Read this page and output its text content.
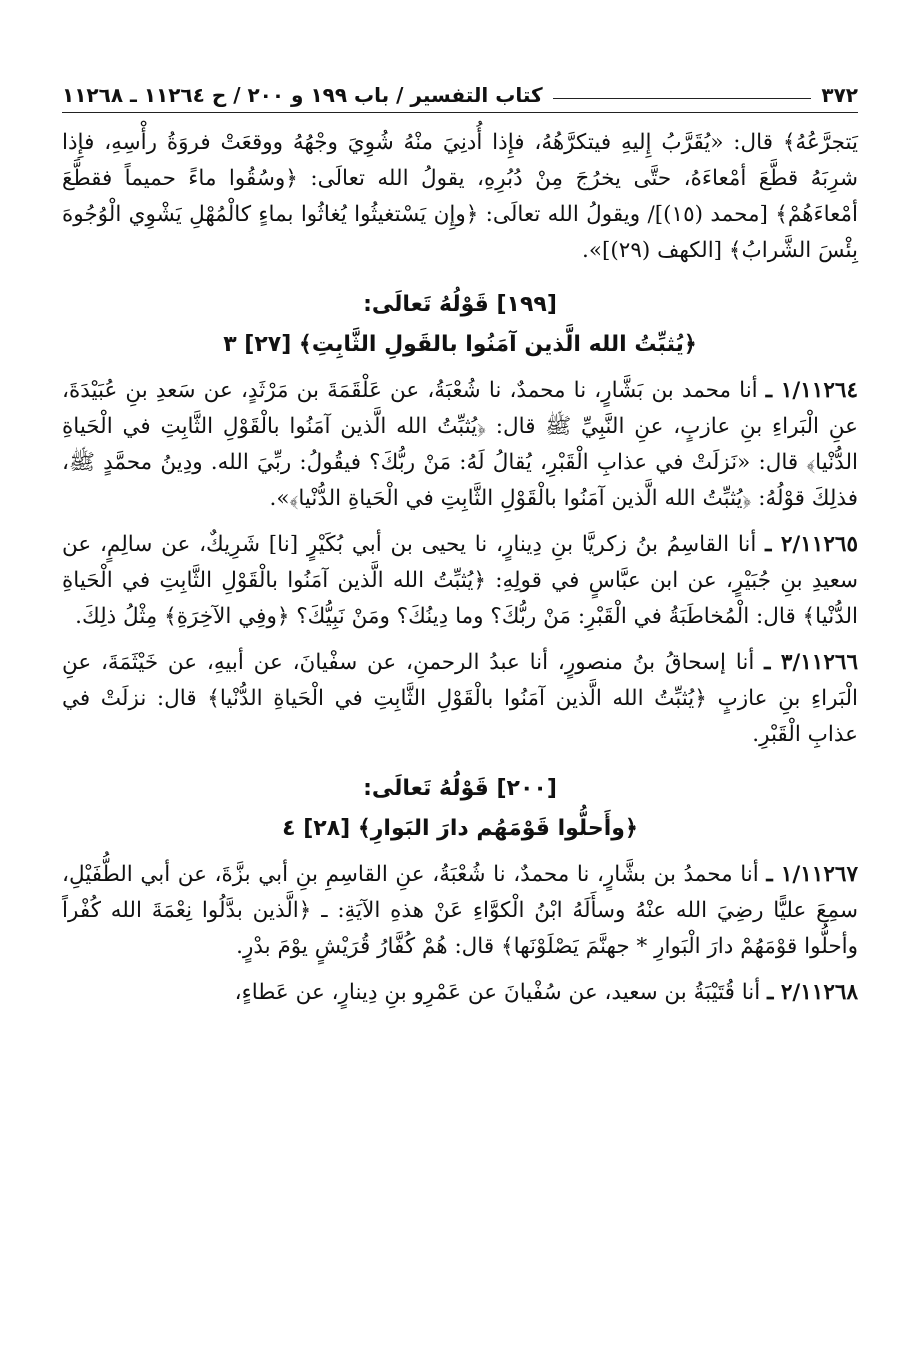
٣٧٢
كتاب التفسير / باب ١٩٩ و ٢٠٠ / ح ١١٢٦٤ ـ ١١٢٦٨

يَتجرَّعُهُ﴾ قال: «يُقَرَّبُ إِليهِ فيتكرَّهُهُ، فإِذا أُدنِيَ منْهُ شُوِيَ وجْهُهُ ووقعَتْ فروَةُ رأْسِهِ، فإِذا شرِبَهُ قطَّعَ أمْعاءَهُ، حتَّى يخرُجَ مِنْ دُبُرِهِ، يقولُ الله تعالَى: ﴿وسُقُوا ماءً حميماً فقطَّعَ أمْعاءَهُمْ﴾ [محمد (١٥)]/ ويقولُ الله تعالَى: ﴿وإِن يَسْتغيثُوا يُغاثُوا بماءٍ كالْمُهْلِ يَشْوِي الْوُجُوهَ بِئْسَ الشَّرابُ﴾ [الكهف (٢٩)]».

[١٩٩] قَوْلُهُ تَعالَى:
﴿يُثبِّتُ الله الَّذين آمَنُوا بالقَولِ الثَّابِتِ﴾ [٢٧] ٣

١/١١٢٦٤ ـ أنا محمد بن بَشَّارٍ، نا محمدٌ، نا شُعْبَةُ، عن عَلْقَمَةَ بن مَرْثَدٍ، عن سَعدِ بنِ عُبَيْدَةَ، عنِ الْبَراءِ بنِ عازبٍ، عنِ النَّبِيِّ ﷺ قال: ﴿يُثبِّتُ الله الَّذين آمَنُوا بالْقَوْلِ الثَّابِتِ في الْحَياةِ الدُّنْيا﴾ قال: «نَزلَتْ في عذابِ الْقَبْرِ، يُقالُ لَهُ: مَنْ ربُّكَ؟ فيقُولُ: ربِّيَ الله. ودِينُ محمَّدٍ ﷺ، فذلِكَ قوْلُهُ: ﴿يُثبِّتُ الله الَّذين آمَنُوا بالْقَوْلِ الثَّابِتِ في الْحَياةِ الدُّنْيا﴾».

٢/١١٢٦٥ ـ أنا القاسِمُ بنُ زكريَّا بنِ دِينارٍ، نا يحيى بن أبي بُكَيْرٍ [نا] شَرِيكٌ، عن سالِمٍ، عن سعيدِ بنِ جُبَيْرٍ، عن ابن عبَّاسٍ في قولِهِ: ﴿يُثبِّتُ الله الَّذين آمَنُوا بالْقَوْلِ الثَّابِتِ في الْحَياةِ الدُّنْيا﴾ قال: الْمُخاطَبَةُ في الْقَبْرِ: مَنْ ربُّكَ؟ وما دِينُكَ؟ ومَنْ نَبِيُّكَ؟ ﴿وفِي الآخِرَةِ﴾ مِثْلُ ذلِكَ.

٣/١١٢٦٦ ـ أنا إسحاقُ بنُ منصورٍ، أنا عبدُ الرحمنِ، عن سفْيانَ، عن أبيهِ، عن خَيْثَمَةَ، عنِ الْبَراءِ بنِ عازبٍ ﴿يُثبِّتُ الله الَّذين آمَنُوا بالْقَوْلِ الثَّابِتِ في الْحَياةِ الدُّنْيا﴾ قال: نزلَتْ في عذابِ الْقَبْرِ.

[٢٠٠] قَوْلُهُ تَعالَى:
﴿وأَحلُّوا قَوْمَهُم دارَ البَوارِ﴾ [٢٨] ٤

١/١١٢٦٧ ـ أنا محمدُ بن بشَّارٍ، نا محمدٌ، نا شُعْبَةُ، عنِ القاسِمِ بنِ أبي بزَّةَ، عن أبي الطُّفَيْلِ، سمِعَ عليًّا رضِيَ الله عنْهُ وسأَلَهُ ابْنُ الْكوَّاءِ عَنْ هذهِ الآيَةِ: ـ ﴿الَّذين بدَّلُوا نِعْمَةَ الله كُفْراً وأحلُّوا قوْمَهُمْ دارَ الْبَوارِ * جهنَّمَ يَصْلَوْنَها﴾ قال: هُمْ كُفَّارُ قُرَيْشٍ يوْمَ بدْرٍ.

٢/١١٢٦٨ ـ أنا قُتَيْبَةُ بن سعيد، عن سُفْيانَ عن عَمْرِو بنِ دِينارٍ، عن عَطاءٍ،
